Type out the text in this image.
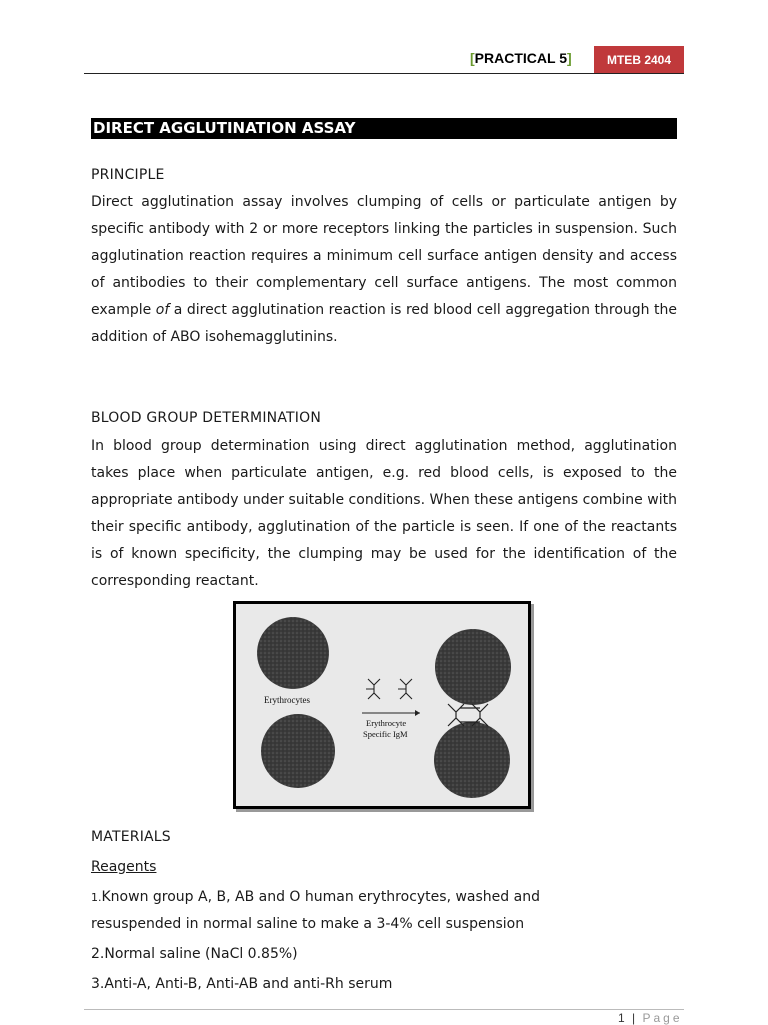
[PRACTICAL 5]	MTEB 2404
DIRECT AGGLUTINATION ASSAY
PRINCIPLE
Direct agglutination assay involves clumping of cells or particulate antigen by specific antibody with 2 or more receptors linking the particles in suspension. Such agglutination reaction requires a minimum cell surface antigen density and access of antibodies to their complementary cell surface antigens. The most common example of a direct agglutination reaction is red blood cell aggregation through the addition of ABO isohemagglutinins.
BLOOD GROUP DETERMINATION
In blood group determination using direct agglutination method, agglutination takes place when particulate antigen, e.g. red blood cells, is exposed to the appropriate antibody under suitable conditions. When these antigens combine with their specific antibody, agglutination of the particle is seen. If one of the reactants is of known specificity, the clumping may be used for the identification of the corresponding reactant.
Erythrocytes
Erythrocyte
Specific IgM
MATERIALS
Reagents
1.Known group A, B, AB and O human erythrocytes, washed and
resuspended in normal saline to make a 3-4% cell suspension
2.Normal saline (NaCl 0.85%)
3.Anti-A, Anti-B, Anti-AB and anti-Rh serum
1 | Page
